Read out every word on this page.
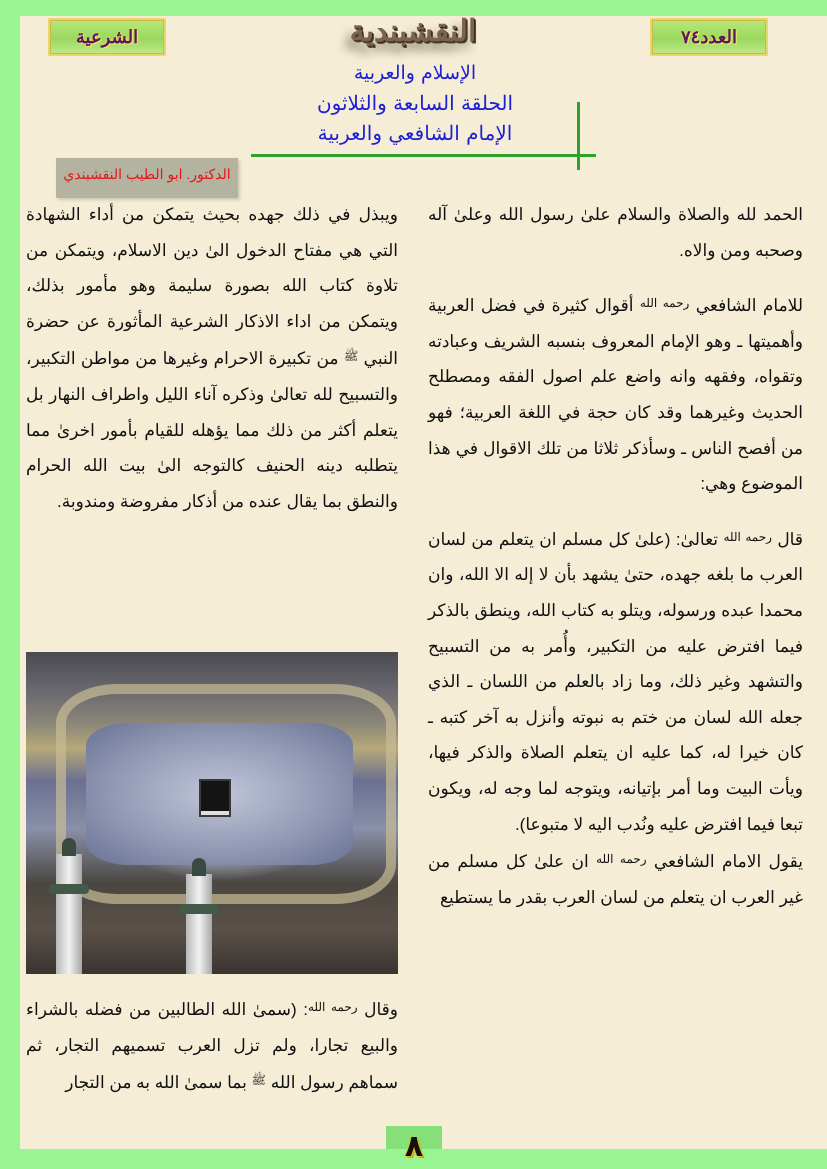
الشرعية	العدد٧٤
النقشبندية
الإسلام والعربية
الحلقة السابعة والثلاثون
الإمام الشافعي والعربية
الدكتور. ابو الطيب النقشبندي

الحمد لله والصلاة والسلام علىٰ رسول الله وعلىٰ آله وصحبه ومن والاه.

للامام الشافعي $^{رحمه الله}$ أقوال كثيرة في فضل العربية وأهميتها ـ وهو الإمام المعروف بنسبه الشريف وعبادته وتقواه، وفقهه وانه واضع علم اصول الفقه ومصطلح الحديث وغيرهما وقد كان حجة في اللغة العربية؛ فهو من أفصح الناس ـ وسأذكر ثلاثا من تلك الاقوال في هذا الموضوع وهي:

قال $^{رحمه الله}$ تعالىٰ: (علىٰ كل مسلم ان يتعلم من لسان العرب ما بلغه جهده، حتىٰ يشهد بأن لا إله الا الله، وان محمدا عبده ورسوله، ويتلو به كتاب الله، وينطق بالذكر فيما افترض عليه من التكبير، وأُمر به من التسبيح والتشهد وغير ذلك، وما زاد بالعلم من اللسان ـ الذي جعله الله لسان من ختم به نبوته وأنزل به آخر كتبه ـ كان خيرا له، كما عليه ان يتعلم الصلاة والذكر فيها، ويأت البيت وما أمر بإتيانه، ويتوجه لما وجه له، ويكون تبعا فيما افترض عليه ونُدب اليه لا متبوعا).

يقول الامام الشافعي $^{رحمه الله}$ ان علىٰ كل مسلم من غير العرب ان يتعلم من لسان العرب بقدر ما يستطيع

ويبذل في ذلك جهده بحيث يتمكن من أداء الشهادة التي هي مفتاح الدخول الىٰ دين الاسلام، ويتمكن من تلاوة كتاب الله بصورة سليمة وهو مأمور بذلك، ويتمكن من اداء الاذكار الشرعية المأثورة عن حضرة النبي $^ﷺ$ من تكبيرة الاحرام وغيرها من مواطن التكبير، والتسبيح لله تعالىٰ وذكره آناء الليل واطراف النهار بل يتعلم أكثر من ذلك مما يؤهله للقيام بأمور اخرىٰ مما يتطلبه دينه الحنيف كالتوجه الىٰ بيت الله الحرام والنطق بما يقال عنده من أذكار مفروضة ومندوبة.

وقال $^{رحمه الله}$: (سمىٰ الله الطالبين من فضله بالشراء والبيع تجارا، ولم تزل العرب تسميهم التجار، ثم سماهم رسول الله $^ﷺ$ بما سمىٰ الله به من التجار

٨
